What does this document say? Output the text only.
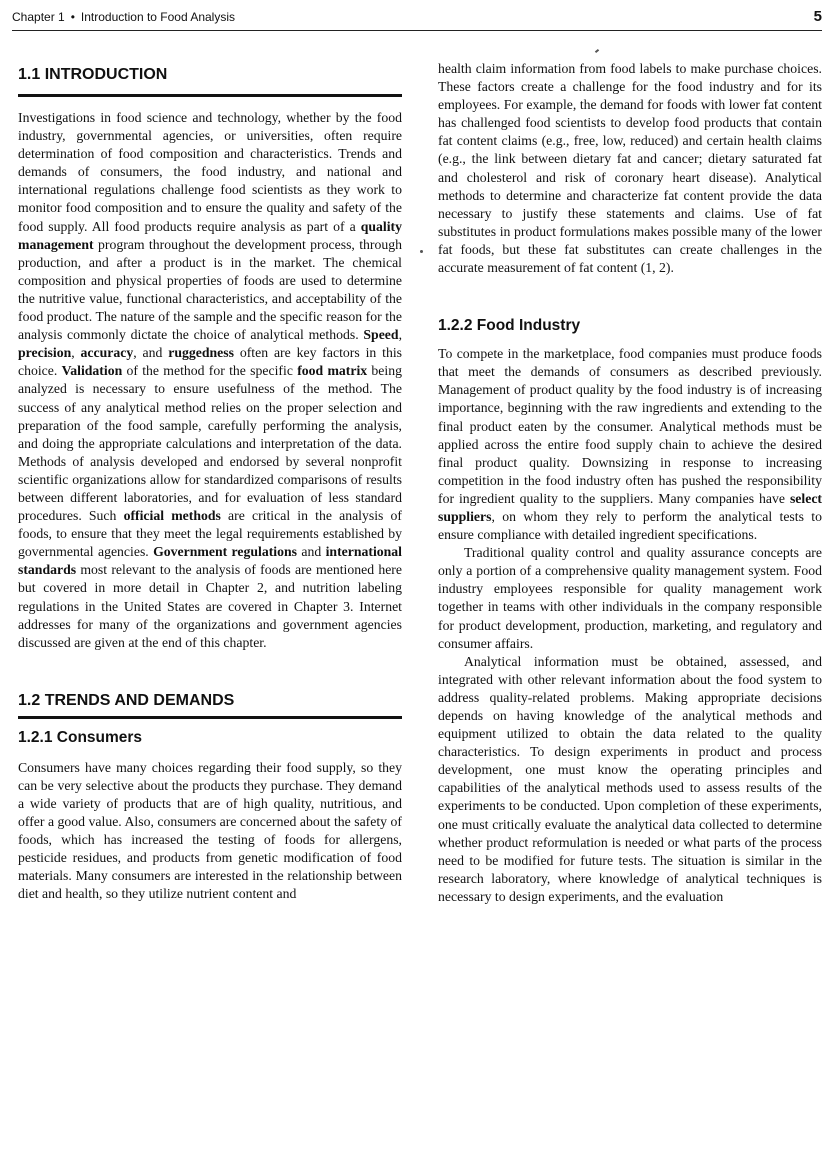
Chapter 1 • Introduction to Food Analysis	5
1.1 INTRODUCTION

Investigations in food science and technology, whether by the food industry, governmental agencies, or universities, often require determination of food composition and characteristics. Trends and demands of consumers, the food industry, and national and international regulations challenge food scientists as they work to monitor food composition and to ensure the quality and safety of the food supply. All food products require analysis as part of a quality management program throughout the development process, through production, and after a product is in the market. The chemical composition and physical properties of foods are used to determine the nutritive value, functional characteristics, and acceptability of the food product. The nature of the sample and the specific reason for the analysis commonly dictate the choice of analytical methods. Speed, precision, accuracy, and ruggedness often are key factors in this choice. Validation of the method for the specific food matrix being analyzed is necessary to ensure usefulness of the method. The success of any analytical method relies on the proper selection and preparation of the food sample, carefully performing the analysis, and doing the appropriate calculations and interpretation of the data. Methods of analysis developed and endorsed by several nonprofit scientific organizations allow for standardized comparisons of results between different laboratories, and for evaluation of less standard procedures. Such official methods are critical in the analysis of foods, to ensure that they meet the legal requirements established by governmental agencies. Government regulations and international standards most relevant to the analysis of foods are mentioned here but covered in more detail in Chapter 2, and nutrition labeling regulations in the United States are covered in Chapter 3. Internet addresses for many of the organizations and government agencies discussed are given at the end of this chapter.

1.2 TRENDS AND DEMANDS
1.2.1 Consumers

Consumers have many choices regarding their food supply, so they can be very selective about the products they purchase. They demand a wide variety of products that are of high quality, nutritious, and offer a good value. Also, consumers are concerned about the safety of foods, which has increased the testing of foods for allergens, pesticide residues, and products from genetic modification of food materials. Many consumers are interested in the relationship between diet and health, so they utilize nutrient content and

health claim information from food labels to make purchase choices. These factors create a challenge for the food industry and for its employees. For example, the demand for foods with lower fat content has challenged food scientists to develop food products that contain fat content claims (e.g., free, low, reduced) and certain health claims (e.g., the link between dietary fat and cancer; dietary saturated fat and cholesterol and risk of coronary heart disease). Analytical methods to determine and characterize fat content provide the data necessary to justify these statements and claims. Use of fat substitutes in product formulations makes possible many of the lower fat foods, but these fat substitutes can create challenges in the accurate measurement of fat content (1, 2).

1.2.2 Food Industry

To compete in the marketplace, food companies must produce foods that meet the demands of consumers as described previously. Management of product quality by the food industry is of increasing importance, beginning with the raw ingredients and extending to the final product eaten by the consumer. Analytical methods must be applied across the entire food supply chain to achieve the desired final product quality. Downsizing in response to increasing competition in the food industry often has pushed the responsibility for ingredient quality to the suppliers. Many companies have select suppliers, on whom they rely to perform the analytical tests to ensure compliance with detailed ingredient specifications.

Traditional quality control and quality assurance concepts are only a portion of a comprehensive quality management system. Food industry employees responsible for quality management work together in teams with other individuals in the company responsible for product development, production, marketing, and regulatory and consumer affairs.

Analytical information must be obtained, assessed, and integrated with other relevant information about the food system to address quality-related problems. Making appropriate decisions depends on having knowledge of the analytical methods and equipment utilized to obtain the data related to the quality characteristics. To design experiments in product and process development, one must know the operating principles and capabilities of the analytical methods used to assess results of the experiments to be conducted. Upon completion of these experiments, one must critically evaluate the analytical data collected to determine whether product reformulation is needed or what parts of the process need to be modified for future tests. The situation is similar in the research laboratory, where knowledge of analytical techniques is necessary to design experiments, and the evaluation
